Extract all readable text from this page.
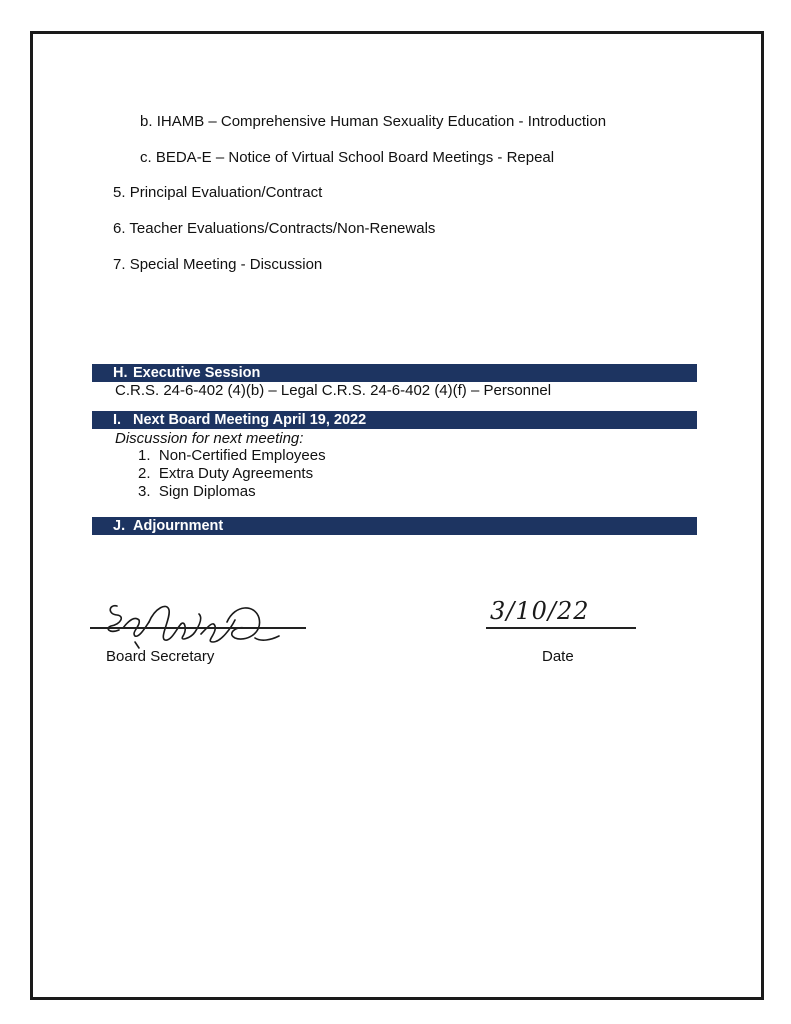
b. IHAMB – Comprehensive Human Sexuality Education - Introduction
c. BEDA-E – Notice of Virtual School Board Meetings - Repeal
5. Principal Evaluation/Contract
6. Teacher Evaluations/Contracts/Non-Renewals
7. Special Meeting - Discussion
H. Executive Session
C.R.S. 24-6-402 (4)(b) – Legal C.R.S. 24-6-402 (4)(f) – Personnel
I. Next Board Meeting April 19, 2022
Discussion for next meeting:
1. Non-Certified Employees
2. Extra Duty Agreements
3. Sign Diplomas
J. Adjournment
Board Secretary
3/10/22
Date
